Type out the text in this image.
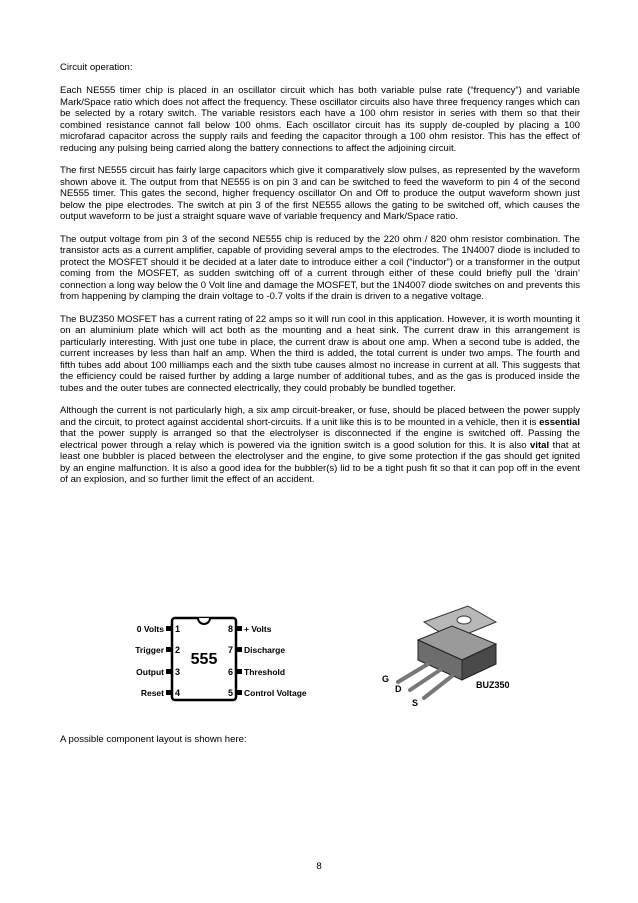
Circuit operation:

Each NE555 timer chip is placed in an oscillator circuit which has both variable pulse rate (“frequency”) and variable Mark/Space ratio which does not affect the frequency. These oscillator circuits also have three frequency ranges which can be selected by a rotary switch. The variable resistors each have a 100 ohm resistor in series with them so that their combined resistance cannot fall below 100 ohms. Each oscillator circuit has its supply de-coupled by placing a 100 microfarad capacitor across the supply rails and feeding the capacitor through a 100 ohm resistor. This has the effect of reducing any pulsing being carried along the battery connections to affect the adjoining circuit.

The first NE555 circuit has fairly large capacitors which give it comparatively slow pulses, as represented by the waveform shown above it. The output from that NE555 is on pin 3 and can be switched to feed the waveform to pin 4 of the second NE555 timer. This gates the second, higher frequency oscillator On and Off to produce the output waveform shown just below the pipe electrodes. The switch at pin 3 of the first NE555 allows the gating to be switched off, which causes the output waveform to be just a straight square wave of variable frequency and Mark/Space ratio.

The output voltage from pin 3 of the second NE555 chip is reduced by the 220 ohm / 820 ohm resistor combination. The transistor acts as a current amplifier, capable of providing several amps to the electrodes. The 1N4007 diode is included to protect the MOSFET should it be decided at a later date to introduce either a coil (“inductor”) or a transformer in the output coming from the MOSFET, as sudden switching off of a current through either of these could briefly pull the ‘drain’ connection a long way below the 0 Volt line and damage the MOSFET, but the 1N4007 diode switches on and prevents this from happening by clamping the drain voltage to -0.7 volts if the drain is driven to a negative voltage.

The BUZ350 MOSFET has a current rating of 22 amps so it will run cool in this application. However, it is worth mounting it on an aluminium plate which will act both as the mounting and a heat sink. The current draw in this arrangement is particularly interesting. With just one tube in place, the current draw is about one amp. When a second tube is added, the current increases by less than half an amp. When the third is added, the total current is under two amps. The fourth and fifth tubes add about 100 milliamps each and the sixth tube causes almost no increase in current at all. This suggests that the efficiency could be raised further by adding a large number of additional tubes, and as the gas is produced inside the tubes and the outer tubes are connected electrically, they could probably be bundled together.

Although the current is not particularly high, a six amp circuit-breaker, or fuse, should be placed between the power supply and the circuit, to protect against accidental short-circuits. If a unit like this is to be mounted in a vehicle, then it is essential that the power supply is arranged so that the electrolyser is disconnected if the engine is switched off. Passing the electrical power through a relay which is powered via the ignition switch is a good solution for this. It is also vital that at least one bubbler is placed between the electrolyser and the engine, to give some protection if the gas should get ignited by an engine malfunction. It is also a good idea for the bubbler(s) lid to be a tight push fit so that it can pop off in the event of an explosion, and so further limit the effect of an accident.

555
1
2
3
4
0 Volts
Trigger
Output
Reset
8
7
6
5
+ Volts
Discharge
Threshold
Control Voltage
G
D
S
BUZ350

A possible component layout is shown here:

8
